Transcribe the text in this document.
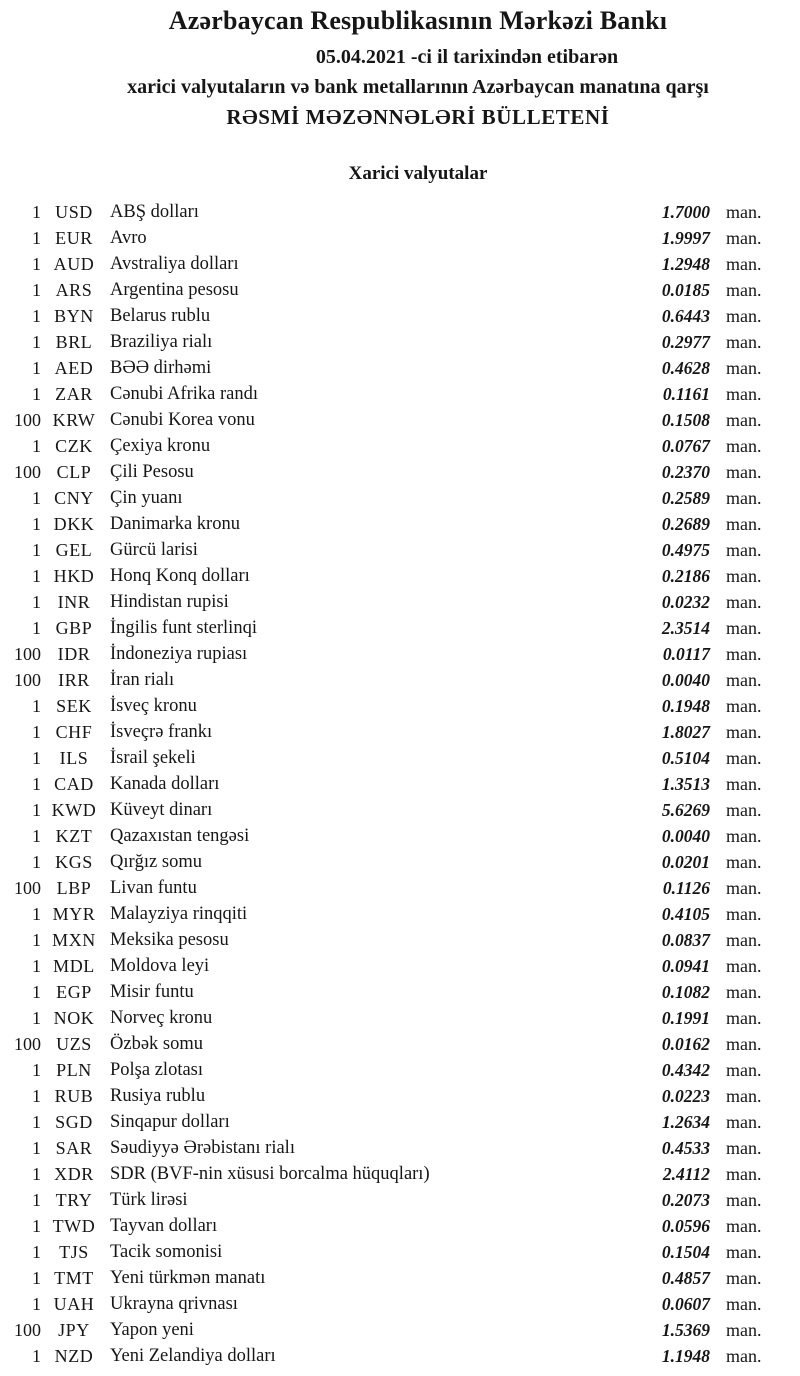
Azərbaycan Respublikasının Mərkəzi Bankı
05.04.2021 -ci il tarixindən etibarən
xarici valyutaların və bank metallarının Azərbaycan manatına qarşı
RƏSMİ MƏZƏNNƏLƏRİ BÜLLETENİ
Xarici valyutalar
1 USD ABŞ dolları	1.7000 man.
1 EUR Avro	1.9997 man.
1 AUD Avstraliya dolları	1.2948 man.
1 ARS Argentina pesosu	0.0185 man.
1 BYN Belarus rublu	0.6443 man.
1 BRL Braziliya rialı	0.2977 man.
1 AED BƏƏ dirhəmi	0.4628 man.
1 ZAR Cənubi Afrika randı	0.1161 man.
100 KRW Cənubi Korea vonu	0.1508 man.
1 CZK Çexiya kronu	0.0767 man.
100 CLP	Çili Pesosu	0.2370 man.
1 CNY Çin yuanı	0.2589 man.
1 DKK Danimarka kronu	0.2689 man.
1 GEL Gürcü larisi	0.4975 man.
1 HKD Honq Konq dolları	0.2186 man.
1 INR	Hindistan rupisi	0.0232 man.
1 GBP İngilis funt sterlinqi	2.3514 man.
100 IDR	İndoneziya rupiası	0.0117 man.
100 IRR	İran rialı	0.0040 man.
1 SEK İsveç kronu	0.1948 man.
1 CHF İsveçrə frankı	1.8027 man.
1	ILS	İsrail şekeli	0.5104 man.
1 CAD Kanada dolları	1.3513 man.
1 KWD Küveyt dinarı	5.6269 man.
1 KZT Qazaxıstan tengəsi	0.0040 man.
1 KGS Qırğız somu	0.0201 man.
100 LBP	Livan funtu	0.1126 man.
1 MYR Malayziya rinqqiti	0.4105 man.
1 MXN Meksika pesosu	0.0837 man.
1 MDL Moldova leyi	0.0941 man.
1 EGP Misir funtu	0.1082 man.
1 NOK Norveç kronu	0.1991 man.
100 UZS Özbək somu	0.0162 man.
1 PLN Polşa zlotası	0.4342 man.
1 RUB Rusiya rublu	0.0223 man.
1 SGD Sinqapur dolları	1.2634 man.
1 SAR Səudiyyə Ərəbistanı rialı	0.4533 man.
1 XDR SDR (BVF-nin xüsusi borcalma hüquqları)	2.4112 man.
1 TRY Türk lirəsi	0.2073 man.
1 TWD Tayvan dolları	0.0596 man.
1	TJS	Tacik somonisi	0.1504 man.
1 TMT Yeni türkmən manatı	0.4857 man.
1 UAH Ukrayna qrivnası	0.0607 man.
100 JPY	Yapon yeni	1.5369 man.
1 NZD Yeni Zelandiya dolları	1.1948 man.
